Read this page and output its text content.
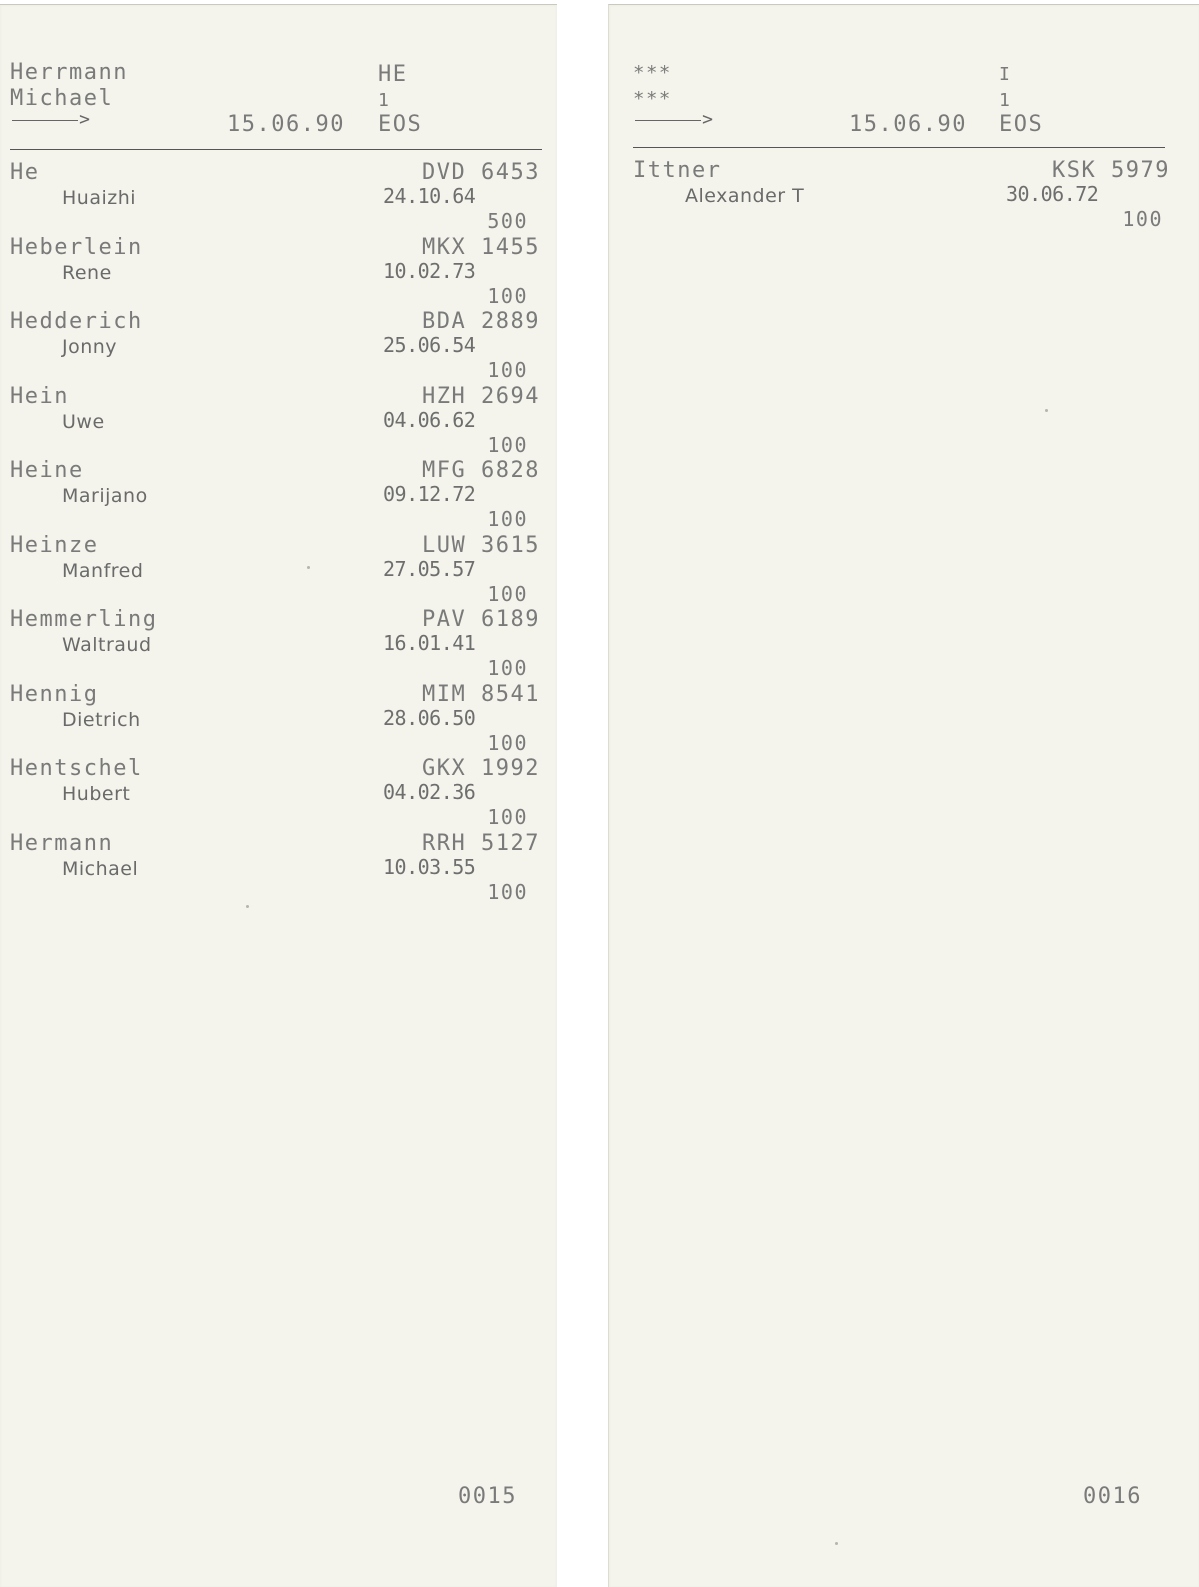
Herrmann
Michael
>	15.06.90
HE
1
EOS
He
Huaizhi
DVD 6453
24.10.64
500
Heberlein
Rene
MKX 1455
10.02.73
100
Hedderich
Jonny
BDA 2889
25.06.54
100
Hein
Uwe
HZH 2694
04.06.62
100
Heine
Marijano
MFG 6828
09.12.72
100
Heinze
Manfred
LUW 3615
27.05.57
100
Hemmerling
Waltraud
PAV 6189
16.01.41
100
Hennig
Dietrich
MIM 8541
28.06.50
100
Hentschel
Hubert
GKX 1992
04.02.36
100
Hermann
Michael
RRH 5127
10.03.55
100
0015
***
***
>	15.06.90
I
1
EOS
Ittner
Alexander T
KSK 5979
30.06.72
100
0016
